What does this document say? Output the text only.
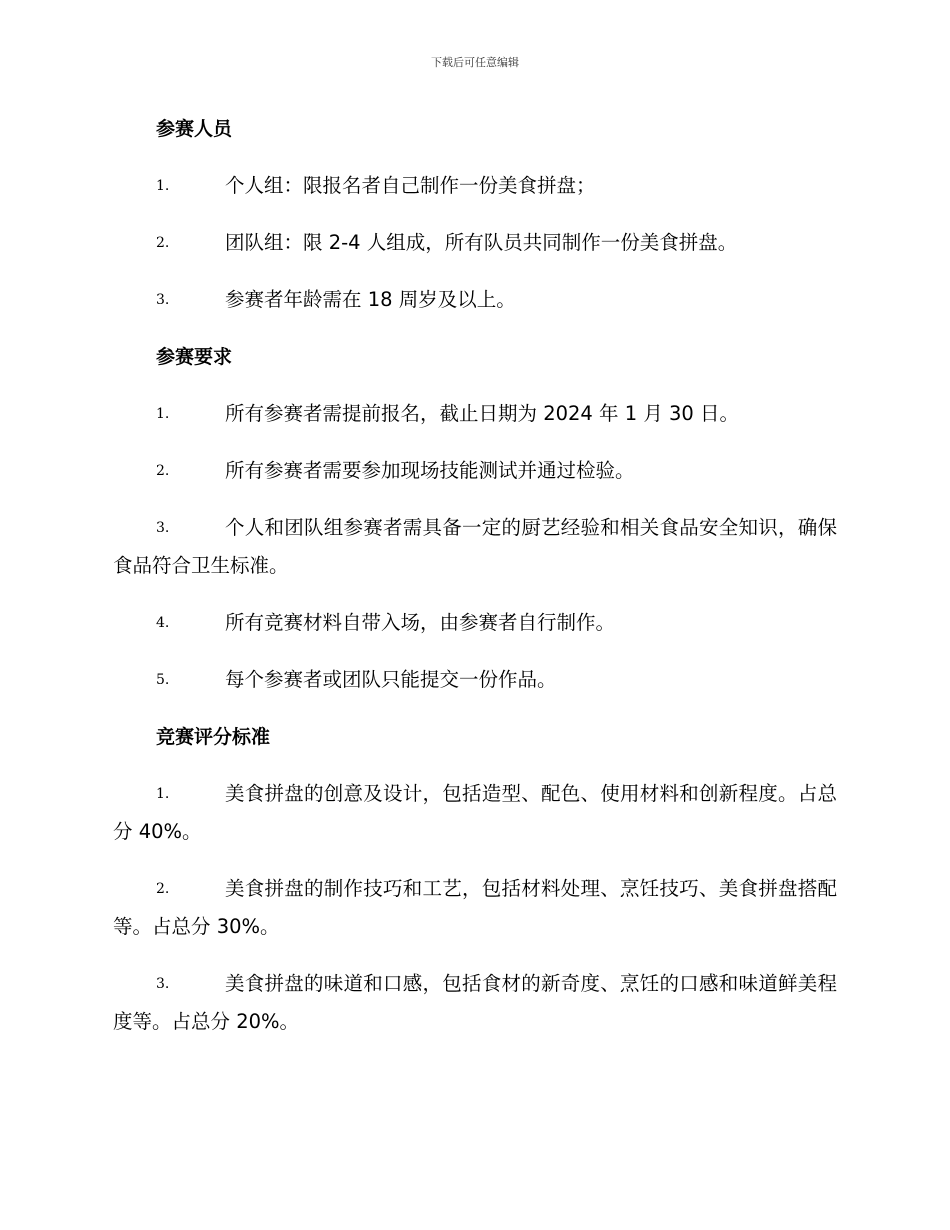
下载后可任意编辑
参赛人员
1.	个人组：限报名者自己制作一份美食拼盘；
2.	团队组：限 2-4 人组成，所有队员共同制作一份美食拼盘。
3.	参赛者年龄需在 18 周岁及以上。
参赛要求
1.	所有参赛者需提前报名，截止日期为 2024 年 1 月 30 日。
2.	所有参赛者需要参加现场技能测试并通过检验。
3.	个人和团队组参赛者需具备一定的厨艺经验和相关食品安全知识，确保食品符合卫生标准。
4.	所有竞赛材料自带入场，由参赛者自行制作。
5.	每个参赛者或团队只能提交一份作品。
竞赛评分标准
1.	美食拼盘的创意及设计，包括造型、配色、使用材料和创新程度。占总分 40%。
2.	美食拼盘的制作技巧和工艺，包括材料处理、烹饪技巧、美食拼盘搭配等。占总分 30%。
3.	美食拼盘的味道和口感，包括食材的新奇度、烹饪的口感和味道鲜美程度等。占总分 20%。
